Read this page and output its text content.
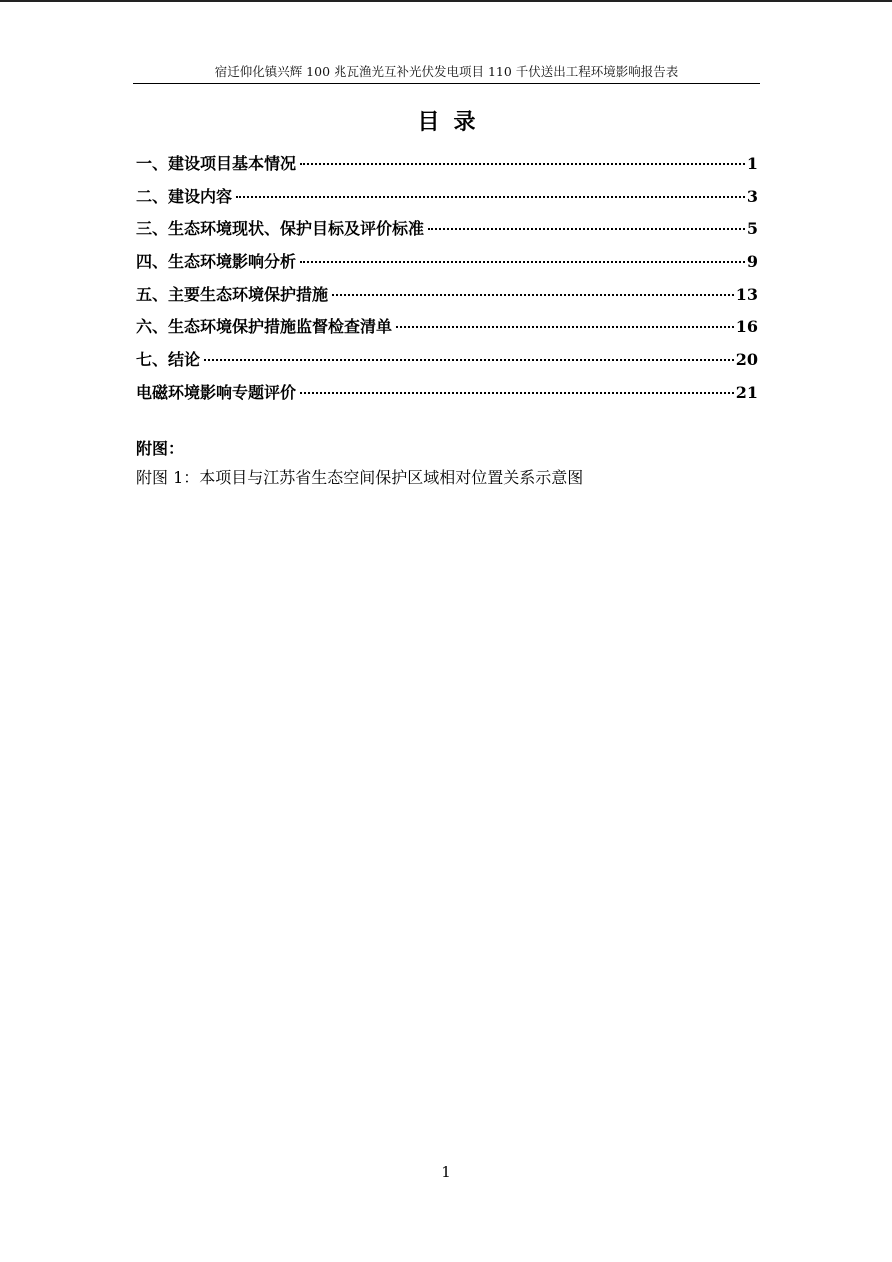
宿迁仰化镇兴辉 100 兆瓦渔光互补光伏发电项目 110 千伏送出工程环境影响报告表
目录
一、建设项目基本情况	1
二、建设内容	3
三、生态环境现状、保护目标及评价标准	5
四、生态环境影响分析	9
五、主要生态环境保护措施	13
六、生态环境保护措施监督检查清单	16
七、结论	20
电磁环境影响专题评价	21
附图：
附图 1：本项目与江苏省生态空间保护区域相对位置关系示意图
1
